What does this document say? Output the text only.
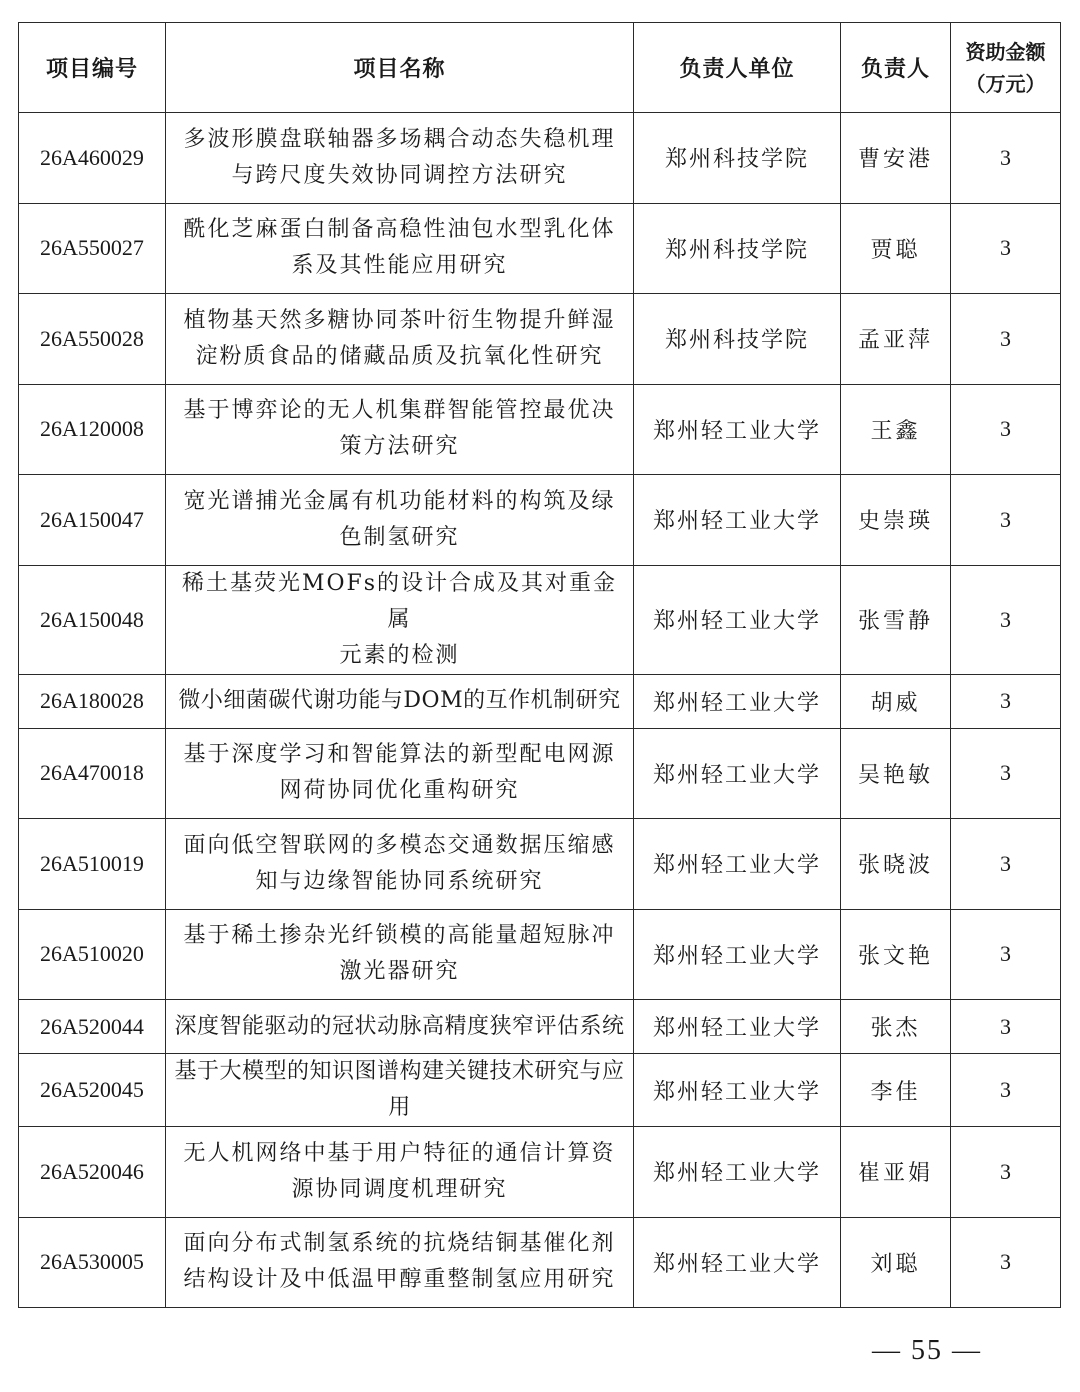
项目编号	项目名称	负责人单位	负责人	资助金额
（万元）

26A460029	多波形膜盘联轴器多场耦合动态失稳机理
与跨尺度失效协同调控方法研究	郑州科技学院	曹安港	3
26A550027	酰化芝麻蛋白制备高稳性油包水型乳化体
系及其性能应用研究	郑州科技学院	贾聪	3
26A550028	植物基天然多糖协同茶叶衍生物提升鲜湿
淀粉质食品的储藏品质及抗氧化性研究	郑州科技学院	孟亚萍	3
26A120008	基于博弈论的无人机集群智能管控最优决
策方法研究	郑州轻工业大学	王鑫	3
26A150047	宽光谱捕光金属有机功能材料的构筑及绿
色制氢研究	郑州轻工业大学	史崇瑛	3
26A150048	稀土基荧光MOFs的设计合成及其对重金属
元素的检测	郑州轻工业大学	张雪静	3
26A180028	微小细菌碳代谢功能与DOM的互作机制研究	郑州轻工业大学	胡威	3
26A470018	基于深度学习和智能算法的新型配电网源
网荷协同优化重构研究	郑州轻工业大学	吴艳敏	3
26A510019	面向低空智联网的多模态交通数据压缩感
知与边缘智能协同系统研究	郑州轻工业大学	张晓波	3
26A510020	基于稀土掺杂光纤锁模的高能量超短脉冲
激光器研究	郑州轻工业大学	张文艳	3
26A520044	深度智能驱动的冠状动脉高精度狭窄评估系统	郑州轻工业大学	张杰	3
26A520045	基于大模型的知识图谱构建关键技术研究与应用	郑州轻工业大学	李佳	3
26A520046	无人机网络中基于用户特征的通信计算资
源协同调度机理研究	郑州轻工业大学	崔亚娟	3
26A530005	面向分布式制氢系统的抗烧结铜基催化剂
结构设计及中低温甲醇重整制氢应用研究	郑州轻工业大学	刘聪	3
— 55 —
